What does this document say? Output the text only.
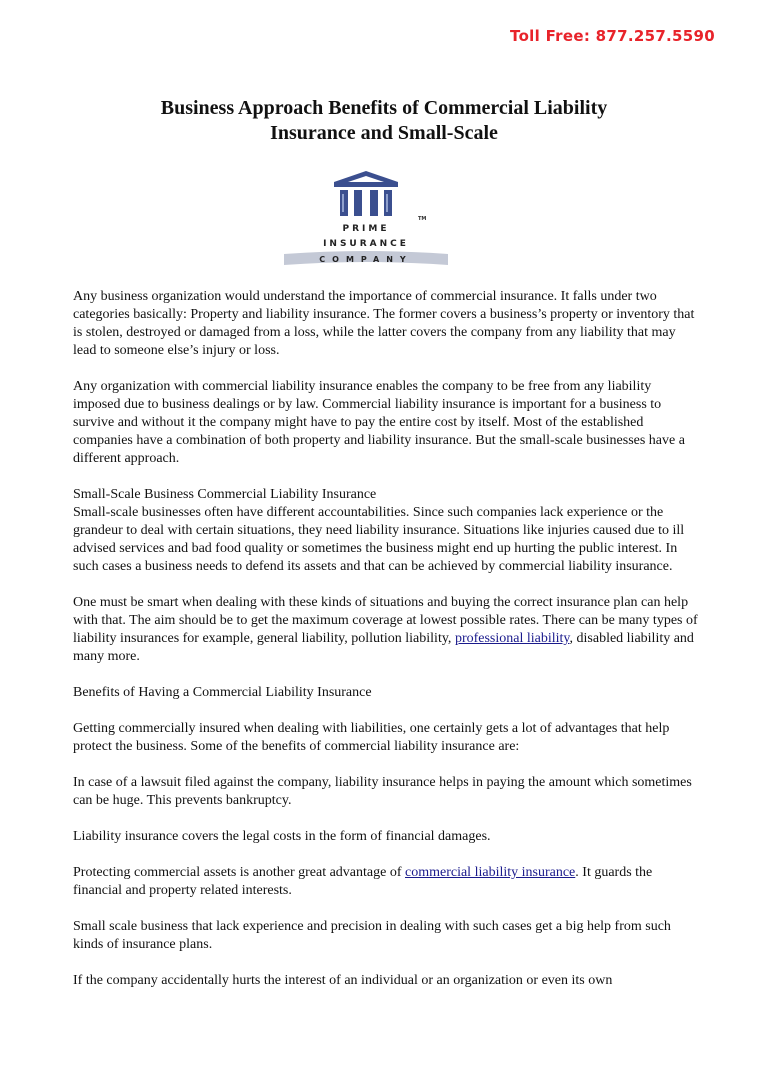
Toll Free: 877.257.5590
Business Approach Benefits of Commercial Liability
Insurance and Small-Scale
TM
PRIME
INSURANCE
COMPANY

Any business organization would understand the importance of commercial insurance. It falls under two categories basically: Property and liability insurance. The former covers a business’s property or inventory that is stolen, destroyed or damaged from a loss, while the latter covers the company from any liability that may lead to someone else’s injury or loss.

Any organization with commercial liability insurance enables the company to be free from any liability imposed due to business dealings or by law. Commercial liability insurance is important for a business to survive and without it the company might have to pay the entire cost by itself. Most of the established companies have a combination of both property and liability insurance. But the small-scale businesses have a different approach.

Small-Scale Business Commercial Liability Insurance
Small-scale businesses often have different accountabilities. Since such companies lack experience or the grandeur to deal with certain situations, they need liability insurance. Situations like injuries caused due to ill advised services and bad food quality or sometimes the business might end up hurting the public interest. In such cases a business needs to defend its assets and that can be achieved by commercial liability insurance.

One must be smart when dealing with these kinds of situations and buying the correct insurance plan can help with that. The aim should be to get the maximum coverage at lowest possible rates. There can be many types of liability insurances for example, general liability, pollution liability, professional liability, disabled liability and many more.

Benefits of Having a Commercial Liability Insurance

Getting commercially insured when dealing with liabilities, one certainly gets a lot of advantages that help protect the business. Some of the benefits of commercial liability insurance are:

In case of a lawsuit filed against the company, liability insurance helps in paying the amount which sometimes can be huge. This prevents bankruptcy.

Liability insurance covers the legal costs in the form of financial damages.

Protecting commercial assets is another great advantage of commercial liability insurance. It guards the financial and property related interests.

Small scale business that lack experience and precision in dealing with such cases get a big help from such kinds of insurance plans.

If the company accidentally hurts the interest of an individual or an organization or even its own
